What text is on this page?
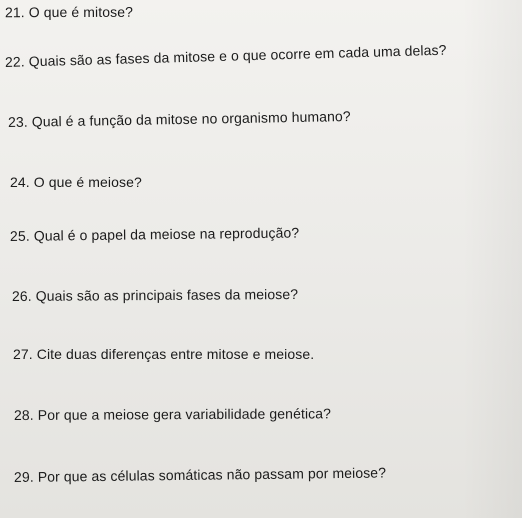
21. O que é mitose?

22. Quais são as fases da mitose e o que ocorre em cada uma delas?

23. Qual é a função da mitose no organismo humano?

24. O que é meiose?

25. Qual é o papel da meiose na reprodução?

26. Quais são as principais fases da meiose?

27. Cite duas diferenças entre mitose e meiose.

28. Por que a meiose gera variabilidade genética?

29. Por que as células somáticas não passam por meiose?
